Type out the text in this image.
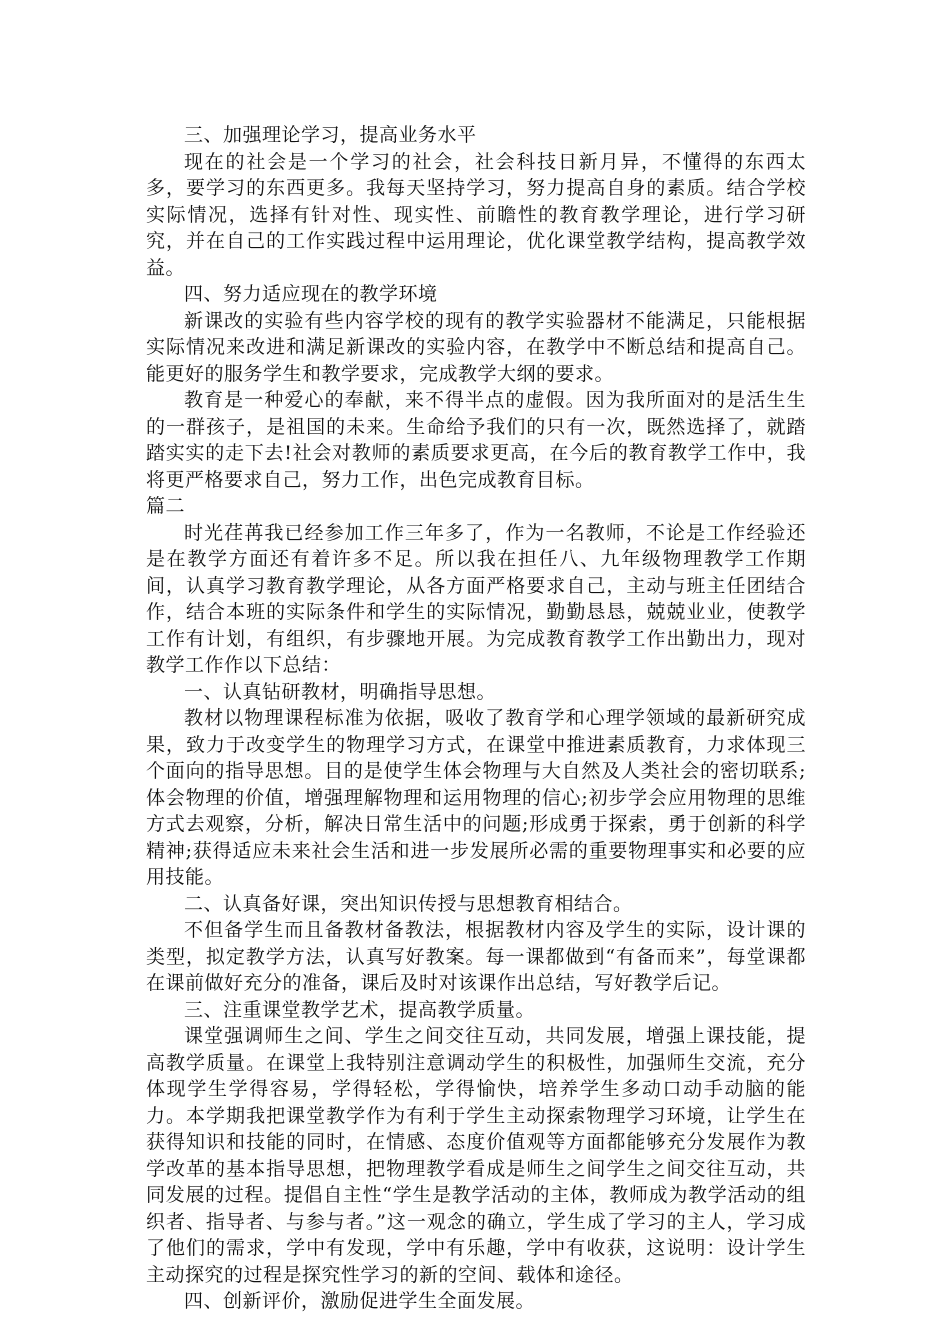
三、加强理论学习，提高业务水平

现在的社会是一个学习的社会，社会科技日新月异，不懂得的东西太多，要学习的东西更多。我每天坚持学习，努力提高自身的素质。结合学校实际情况，选择有针对性、现实性、前瞻性的教育教学理论，进行学习研究，并在自己的工作实践过程中运用理论，优化课堂教学结构，提高教学效益。

四、努力适应现在的教学环境

新课改的实验有些内容学校的现有的教学实验器材不能满足，只能根据实际情况来改进和满足新课改的实验内容，在教学中不断总结和提高自己。能更好的服务学生和教学要求，完成教学大纲的要求。

教育是一种爱心的奉献，来不得半点的虚假。因为我所面对的是活生生的一群孩子，是祖国的未来。生命给予我们的只有一次，既然选择了，就踏踏实实的走下去!社会对教师的素质要求更高，在今后的教育教学工作中，我将更严格要求自己，努力工作，出色完成教育目标。

篇二

时光荏苒我已经参加工作三年多了，作为一名教师，不论是工作经验还是在教学方面还有着许多不足。所以我在担任八、九年级物理教学工作期间，认真学习教育教学理论，从各方面严格要求自己，主动与班主任团结合作，结合本班的实际条件和学生的实际情况，勤勤恳恳，兢兢业业，使教学工作有计划，有组织，有步骤地开展。为完成教育教学工作出勤出力，现对教学工作作以下总结：

一、认真钻研教材，明确指导思想。

教材以物理课程标准为依据，吸收了教育学和心理学领域的最新研究成果，致力于改变学生的物理学习方式，在课堂中推进素质教育，力求体现三个面向的指导思想。目的是使学生体会物理与大自然及人类社会的密切联系;体会物理的价值，增强理解物理和运用物理的信心;初步学会应用物理的思维方式去观察，分析，解决日常生活中的问题;形成勇于探索，勇于创新的科学精神;获得适应未来社会生活和进一步发展所必需的重要物理事实和必要的应用技能。

二、认真备好课，突出知识传授与思想教育相结合。

不但备学生而且备教材备教法，根据教材内容及学生的实际，设计课的类型，拟定教学方法，认真写好教案。每一课都做到“有备而来”，每堂课都在课前做好充分的准备，课后及时对该课作出总结，写好教学后记。

三、注重课堂教学艺术，提高教学质量。

课堂强调师生之间、学生之间交往互动，共同发展，增强上课技能，提高教学质量。在课堂上我特别注意调动学生的积极性，加强师生交流，充分体现学生学得容易，学得轻松，学得愉快，培养学生多动口动手动脑的能力。本学期我把课堂教学作为有利于学生主动探索物理学习环境，让学生在获得知识和技能的同时，在情感、态度价值观等方面都能够充分发展作为教学改革的基本指导思想，把物理教学看成是师生之间学生之间交往互动，共同发展的过程。提倡自主性“学生是教学活动的主体，教师成为教学活动的组织者、指导者、与参与者。”这一观念的确立，学生成了学习的主人，学习成了他们的需求，学中有发现，学中有乐趣，学中有收获，这说明：设计学生主动探究的过程是探究性学习的新的空间、载体和途径。

四、创新评价，激励促进学生全面发展。
